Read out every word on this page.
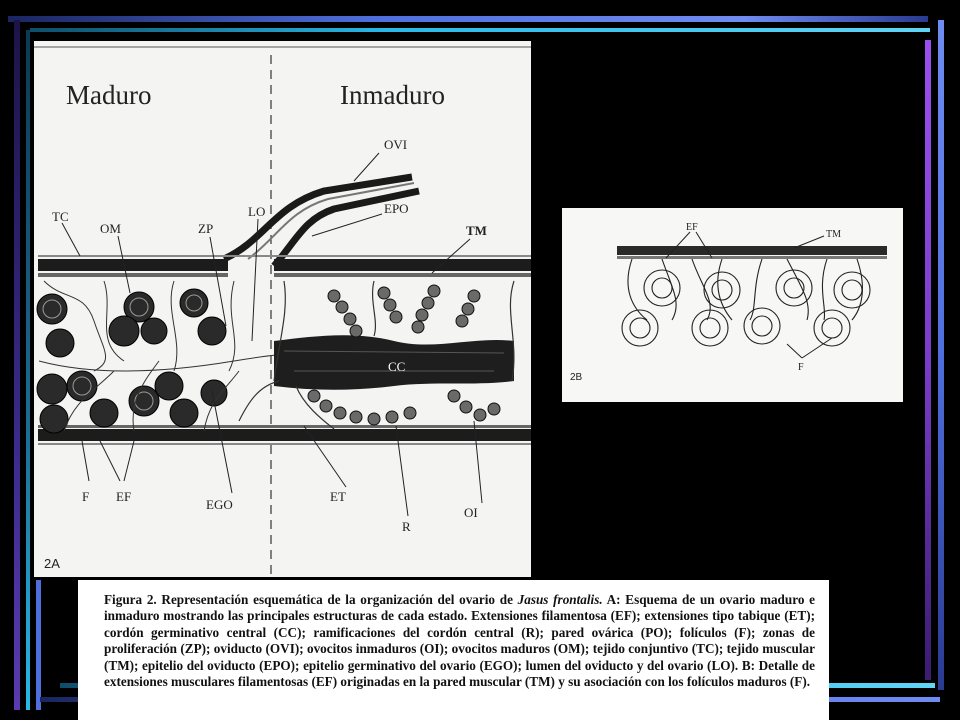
Maduro	Inmaduro
OVI
LO	EPO
TC
OM	ZP	TM
CC
F EF
EGO
ET
R
OI
2A
EF
TM
F
2B
Figura 2. Representación esquemática de la organización del ovario de Jasus frontalis. A: Esquema de un ovario maduro e inmaduro mostrando las principales estructuras de cada estado. Extensiones filamentosa (EF); extensiones tipo tabique (ET); cordón germinativo central (CC); ramificaciones del cordón central (R); pared ovárica (PO); folículos (F); zonas de proliferación (ZP); oviducto (OVI); ovocitos inmaduros (OI); ovocitos maduros (OM); tejido conjuntivo (TC); tejido muscular (TM); epitelio del oviducto (EPO); epitelio germinativo del ovario (EGO); lumen del oviducto y del ovario (LO). B: Detalle de extensiones musculares filamentosas (EF) originadas en la pared muscular (TM) y su asociación con los folículos maduros (F).
